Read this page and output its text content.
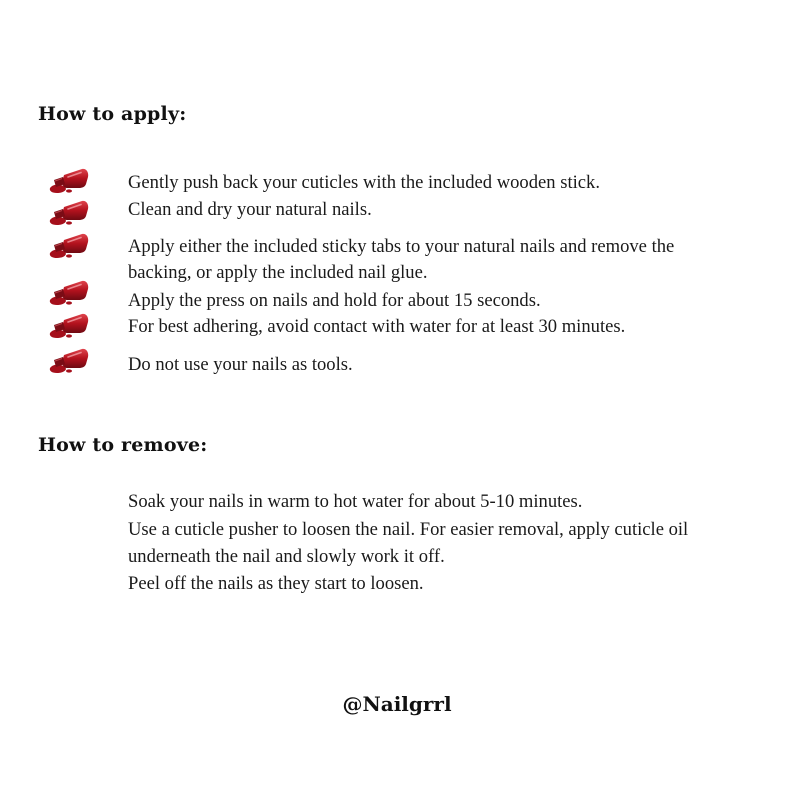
How to apply:
Gently push back your cuticles with the included wooden stick.
Clean and dry your natural nails.
Apply either the included sticky tabs to your natural nails and remove the
backing, or apply the included nail glue.
Apply the press on nails and hold for about 15 seconds.
For best adhering, avoid contact with water for at least 30 minutes.
Do not use your nails as tools.
How to remove:
Soak your nails in warm to hot water for about 5-10 minutes.
Use a cuticle pusher to loosen the nail. For easier removal, apply cuticle oil
underneath the nail and slowly work it off.
Peel off the nails as they start to loosen.
@Nailgrrl
